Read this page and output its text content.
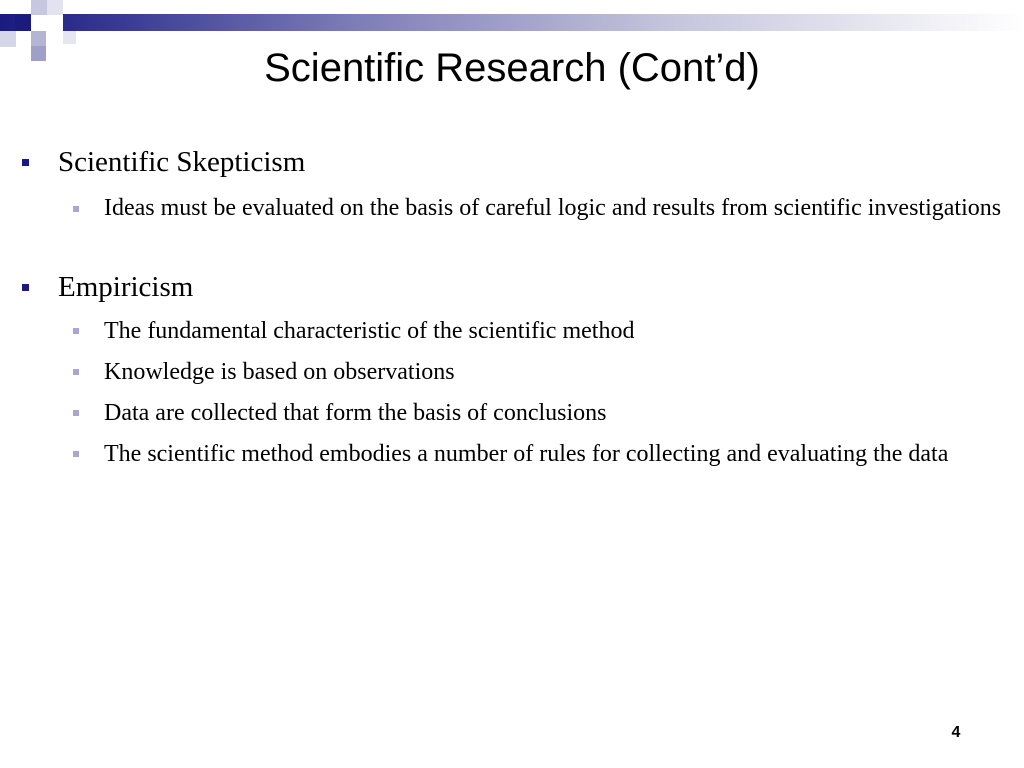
Scientific Research (Cont’d)
Scientific Skepticism
Ideas must be evaluated on the basis of careful logic and results from scientific investigations
Empiricism
The fundamental characteristic of the scientific method
Knowledge is based on observations
Data are collected that form the basis of conclusions
The scientific method embodies a number of rules for collecting and evaluating the data
4
